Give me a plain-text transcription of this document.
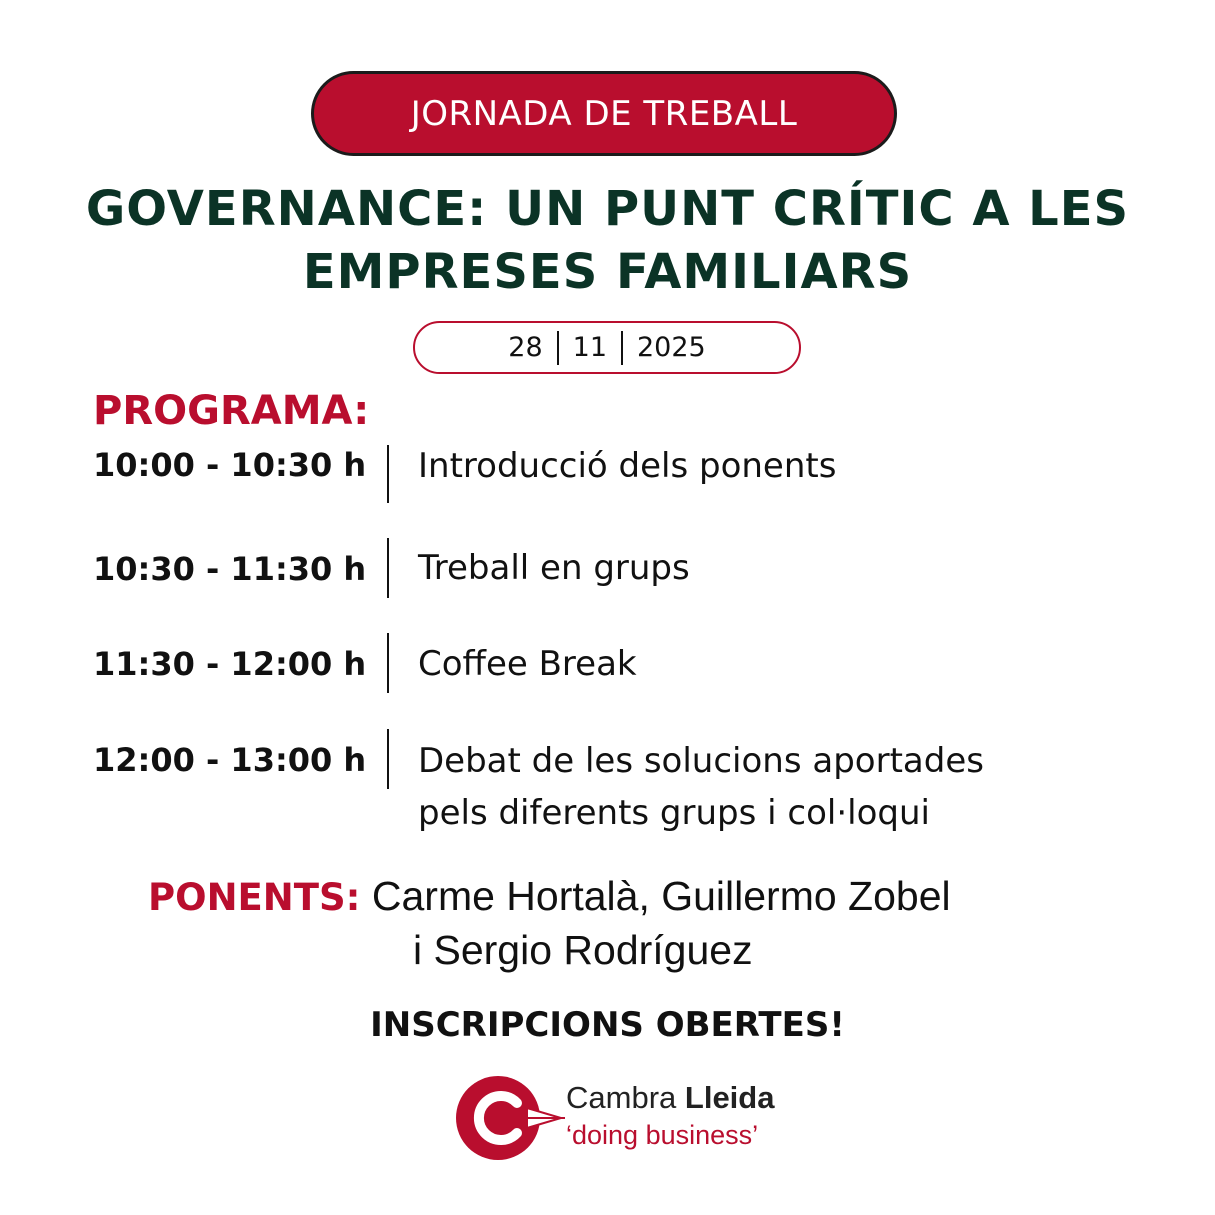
JORNADA DE TREBALL
GOVERNANCE: UN PUNT CRÍTIC A LES
EMPRESES FAMILIARS
28 11 2025
PROGRAMA:
10:00 - 10:30 h	Introducció dels ponents
10:30 - 11:30 h	Treball en grups
11:30 - 12:00 h	Coffee Break
12:00 - 13:00 h	Debat de les solucions aportades
pels diferents grups i col·loqui
PONENTS: Carme Hortalà, Guillermo Zobel
i Sergio Rodríguez
INSCRIPCIONS OBERTES!
Cambra Lleida
‘doing business’
